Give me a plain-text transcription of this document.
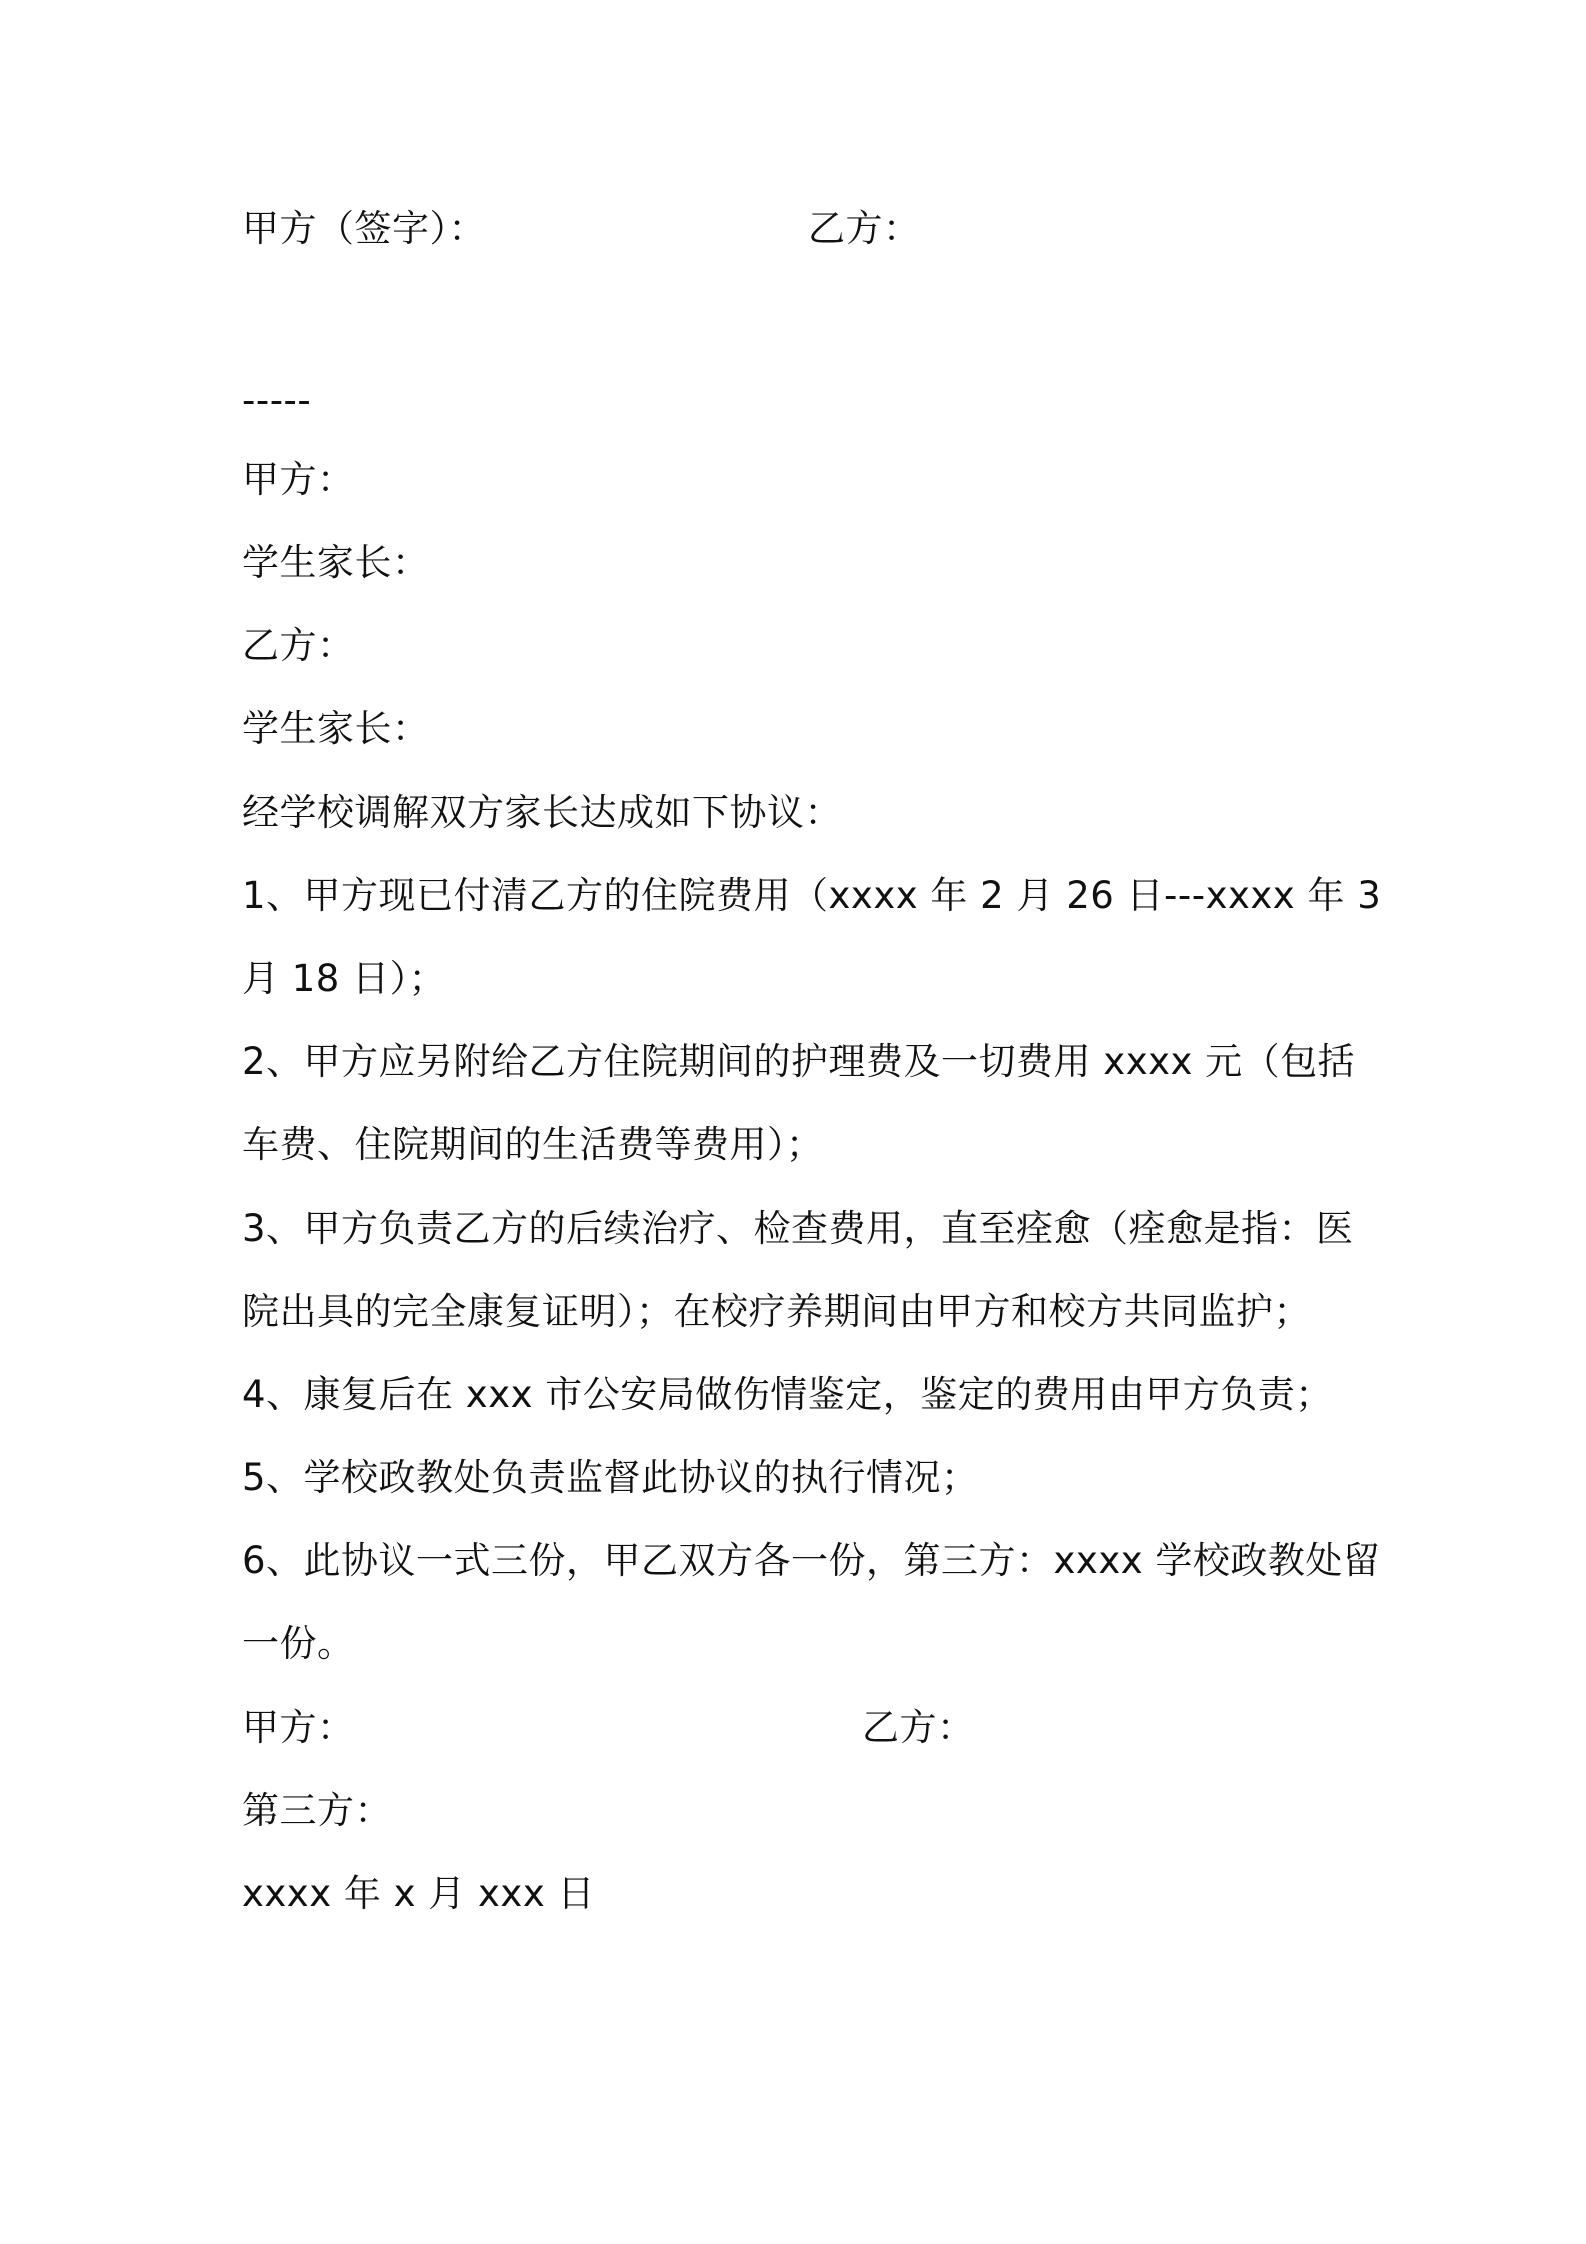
甲方（签字）：	乙方：
-----
甲方：
学生家长：
乙方：
学生家长：
经学校调解双方家长达成如下协议：
1、甲方现已付清乙方的住院费用（xxxx 年 2 月 26 日---xxxx 年 3
月 18 日）；
2、甲方应另附给乙方住院期间的护理费及一切费用 xxxx 元（包括
车费、住院期间的生活费等费用）；
3、甲方负责乙方的后续治疗、检查费用，直至痊愈（痊愈是指：医
院出具的完全康复证明）；在校疗养期间由甲方和校方共同监护；
4、康复后在 xxx 市公安局做伤情鉴定，鉴定的费用由甲方负责；
5、学校政教处负责监督此协议的执行情况；
6、此协议一式三份，甲乙双方各一份，第三方：xxxx 学校政教处留
一份。
甲方：	乙方：
第三方：
xxxx 年 x 月 xxx 日
